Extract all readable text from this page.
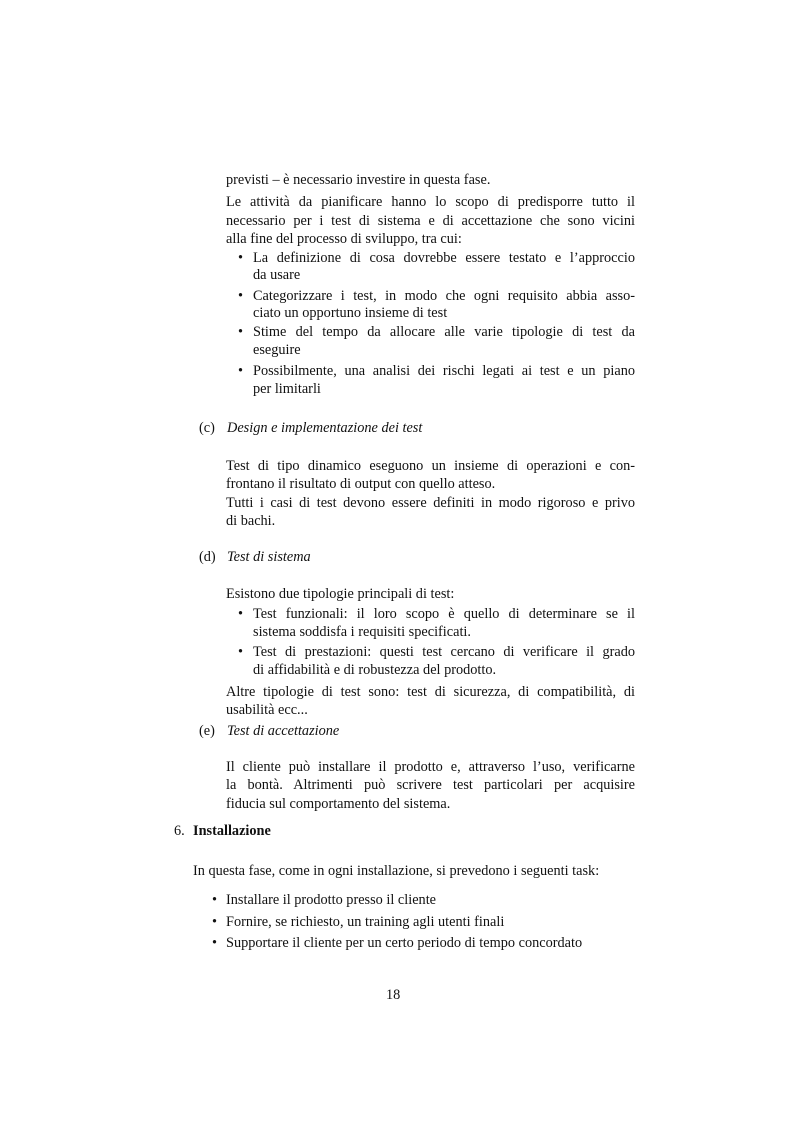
previsti – è necessario investire in questa fase.
Le attività da pianificare hanno lo scopo di predisporre tutto il
necessario per i test di sistema e di accettazione che sono vicini
alla fine del processo di sviluppo, tra cui:
• La definizione di cosa dovrebbe essere testato e l’approccio
da usare
• Categorizzare i test, in modo che ogni requisito abbia asso-
ciato un opportuno insieme di test
• Stime del tempo da allocare alle varie tipologie di test da
eseguire
• Possibilmente, una analisi dei rischi legati ai test e un piano
per limitarli
(c) Design e implementazione dei test
Test di tipo dinamico eseguono un insieme di operazioni e con-
frontano il risultato di output con quello atteso.
Tutti i casi di test devono essere definiti in modo rigoroso e privo
di bachi.
(d) Test di sistema
Esistono due tipologie principali di test:
• Test funzionali: il loro scopo è quello di determinare se il
sistema soddisfa i requisiti specificati.
• Test di prestazioni: questi test cercano di verificare il grado
di affidabilità e di robustezza del prodotto.
Altre tipologie di test sono: test di sicurezza, di compatibilità, di
usabilità ecc...
(e) Test di accettazione
Il cliente può installare il prodotto e, attraverso l’uso, verificarne
la bontà. Altrimenti può scrivere test particolari per acquisire
fiducia sul comportamento del sistema.
6. Installazione
In questa fase, come in ogni installazione, si prevedono i seguenti task:
• Installare il prodotto presso il cliente
• Fornire, se richiesto, un training agli utenti finali
• Supportare il cliente per un certo periodo di tempo concordato
18
